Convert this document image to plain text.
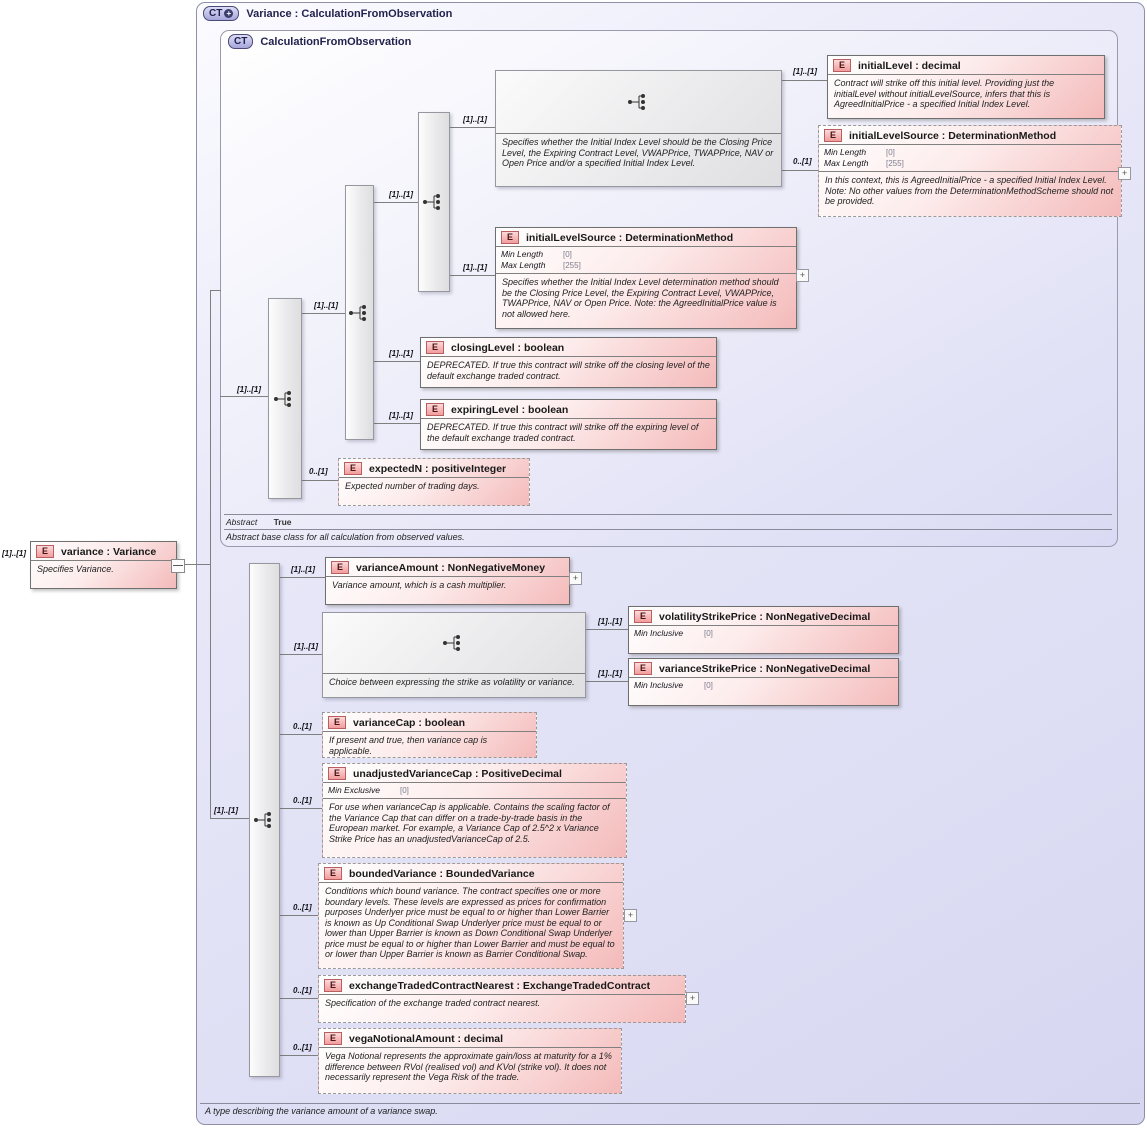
CT + Variance : CalculationFromObservation
CT CalculationFromObservation
Specifies whether the Initial Index Level should be the Closing Price Level, the Expiring Contract Level, VWAPPrice, TWAPPrice, NAV or Open Price and/or a specified Initial Index Level.
Choice between expressing the strike as volatility or variance.
E	initialLevel : decimal
Contract will strike off this initial level. Providing just the initialLevel without initialLevelSource, infers that this is AgreedInitialPrice - a specified Initial Index Level.
E	initialLevelSource : DeterminationMethod
Min Length	[0]
Max Length	[255]
In this context, this is AgreedInitialPrice - a specified Initial Index Level. Note: No other values from the DeterminationMethodScheme should not be provided.
E	initialLevelSource : DeterminationMethod
Min Length	[0]
Max Length	[255]
Specifies whether the Initial Index Level determination method should be the Closing Price Level, the Expiring Contract Level, VWAPPrice, TWAPPrice, NAV or Open Price. Note: the AgreedInitialPrice value is not allowed here.
E	closingLevel : boolean
DEPRECATED. If true this contract will strike off the closing level of the default exchange traded contract.
E	expiringLevel : boolean
DEPRECATED. If true this contract will strike off the expiring level of the default exchange traded contract.
E	expectedN : positiveInteger
Expected number of trading days.
Abstract True
Abstract base class for all calculation from observed values.
E	varianceAmount : NonNegativeMoney
Variance amount, which is a cash multiplier.
E	volatilityStrikePrice : NonNegativeDecimal
Min Inclusive	[0]
E	varianceStrikePrice : NonNegativeDecimal
Min Inclusive	[0]
E	varianceCap : boolean
If present and true, then variance cap is applicable.
E	unadjustedVarianceCap : PositiveDecimal
Min Exclusive	[0]
For use when varianceCap is applicable. Contains the scaling factor of the Variance Cap that can differ on a trade-by-trade basis in the European market. For example, a Variance Cap of 2.5^2 x Variance Strike Price has an unadjustedVarianceCap of 2.5.
E	boundedVariance : BoundedVariance
Conditions which bound variance. The contract specifies one or more boundary levels. These levels are expressed as prices for confirmation purposes Underlyer price must be equal to or higher than Lower Barrier is known as Up Conditional Swap Underlyer price must be equal to or lower than Upper Barrier is known as Down Conditional Swap Underlyer price must be equal to or higher than Lower Barrier and must be equal to or lower than Upper Barrier is known as Barrier Conditional Swap.
E	exchangeTradedContractNearest : ExchangeTradedContract
Specification of the exchange traded contract nearest.
E	vegaNotionalAmount : decimal
Vega Notional represents the approximate gain/loss at maturity for a 1% difference between RVol (realised vol) and KVol (strike vol). It does not necessarily represent the Vega Risk of the trade.
E	variance : Variance
Specifies Variance.
[1]..[1]
[1]..[1]
[1]..[1]
[1]..[1]
[1]..[1]
[1]..[1]
[1]..[1]
[1]..[1]
0..[1]
[1]..[1]
[1]..[1]
0..[1]
[1]..[1]
[1]..[1]
[1]..[1]
[1]..[1]
0..[1]
0..[1]
0..[1]
0..[1]
0..[1]
+
+
+
+
+
A type describing the variance amount of a variance swap.
